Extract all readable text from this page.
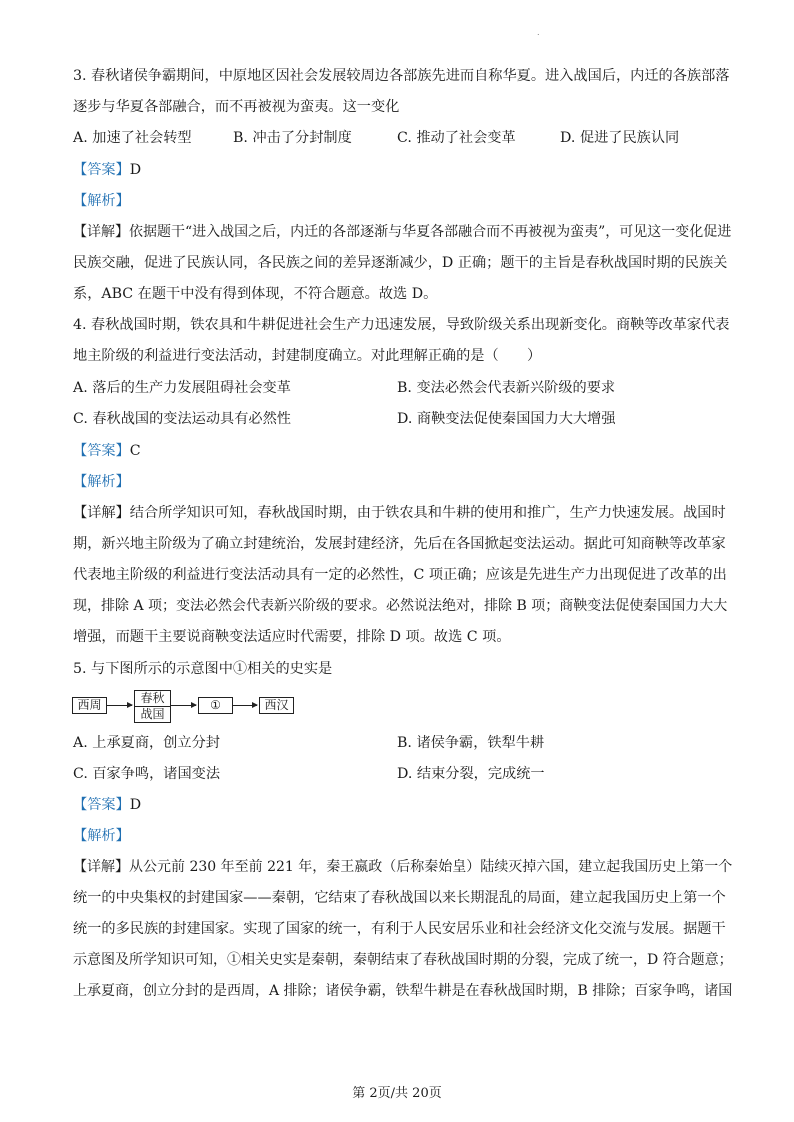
.
3. 春秋诸侯争霸期间，中原地区因社会发展较周边各部族先进而自称华夏。进入战国后，内迁的各族部落
逐步与华夏各部融合，而不再被视为蛮夷。这一变化
A. 加速了社会转型	B. 冲击了分封制度	C. 推动了社会变革	D. 促进了民族认同
【答案】D
【解析】
【详解】依据题干“进入战国之后，内迁的各部逐渐与华夏各部融合而不再被视为蛮夷”，可见这一变化促进
民族交融，促进了民族认同，各民族之间的差异逐渐减少，D 正确；题干的主旨是春秋战国时期的民族关
系，ABC 在题干中没有得到体现，不符合题意。故选 D。
4. 春秋战国时期，铁农具和牛耕促进社会生产力迅速发展，导致阶级关系出现新变化。商鞅等改革家代表
地主阶级的利益进行变法活动，封建制度确立。对此理解正确的是（　　）
A. 落后的生产力发展阻碍社会变革	B. 变法必然会代表新兴阶级的要求
C. 春秋战国的变法运动具有必然性	D. 商鞅变法促使秦国国力大大增强
【答案】C
【解析】
【详解】结合所学知识可知，春秋战国时期，由于铁农具和牛耕的使用和推广，生产力快速发展。战国时
期，新兴地主阶级为了确立封建统治，发展封建经济，先后在各国掀起变法运动。据此可知商鞅等改革家
代表地主阶级的利益进行变法活动具有一定的必然性，C 项正确；应该是先进生产力出现促进了改革的出
现，排除 A 项；变法必然会代表新兴阶级的要求。必然说法绝对，排除 B 项；商鞅变法促使秦国国力大大
增强，而题干主要说商鞅变法适应时代需要，排除 D 项。故选 C 项。
5. 与下图所示的示意图中①相关的史实是
西周	春秋
战国
①	西汉
A. 上承夏商，创立分封	B. 诸侯争霸，铁犁牛耕
C. 百家争鸣，诸国变法	D. 结束分裂，完成统一
【答案】D
【解析】
【详解】从公元前 230 年至前 221 年，秦王嬴政（后称秦始皇）陆续灭掉六国，建立起我国历史上第一个
统一的中央集权的封建国家——秦朝，它结束了春秋战国以来长期混乱的局面，建立起我国历史上第一个
统一的多民族的封建国家。实现了国家的统一，有利于人民安居乐业和社会经济文化交流与发展。据题干
示意图及所学知识可知，①相关史实是秦朝，秦朝结束了春秋战国时期的分裂，完成了统一，D 符合题意；
上承夏商，创立分封的是西周，A 排除；诸侯争霸，铁犁牛耕是在春秋战国时期，B 排除；百家争鸣，诸国
第 2页/共 20页
